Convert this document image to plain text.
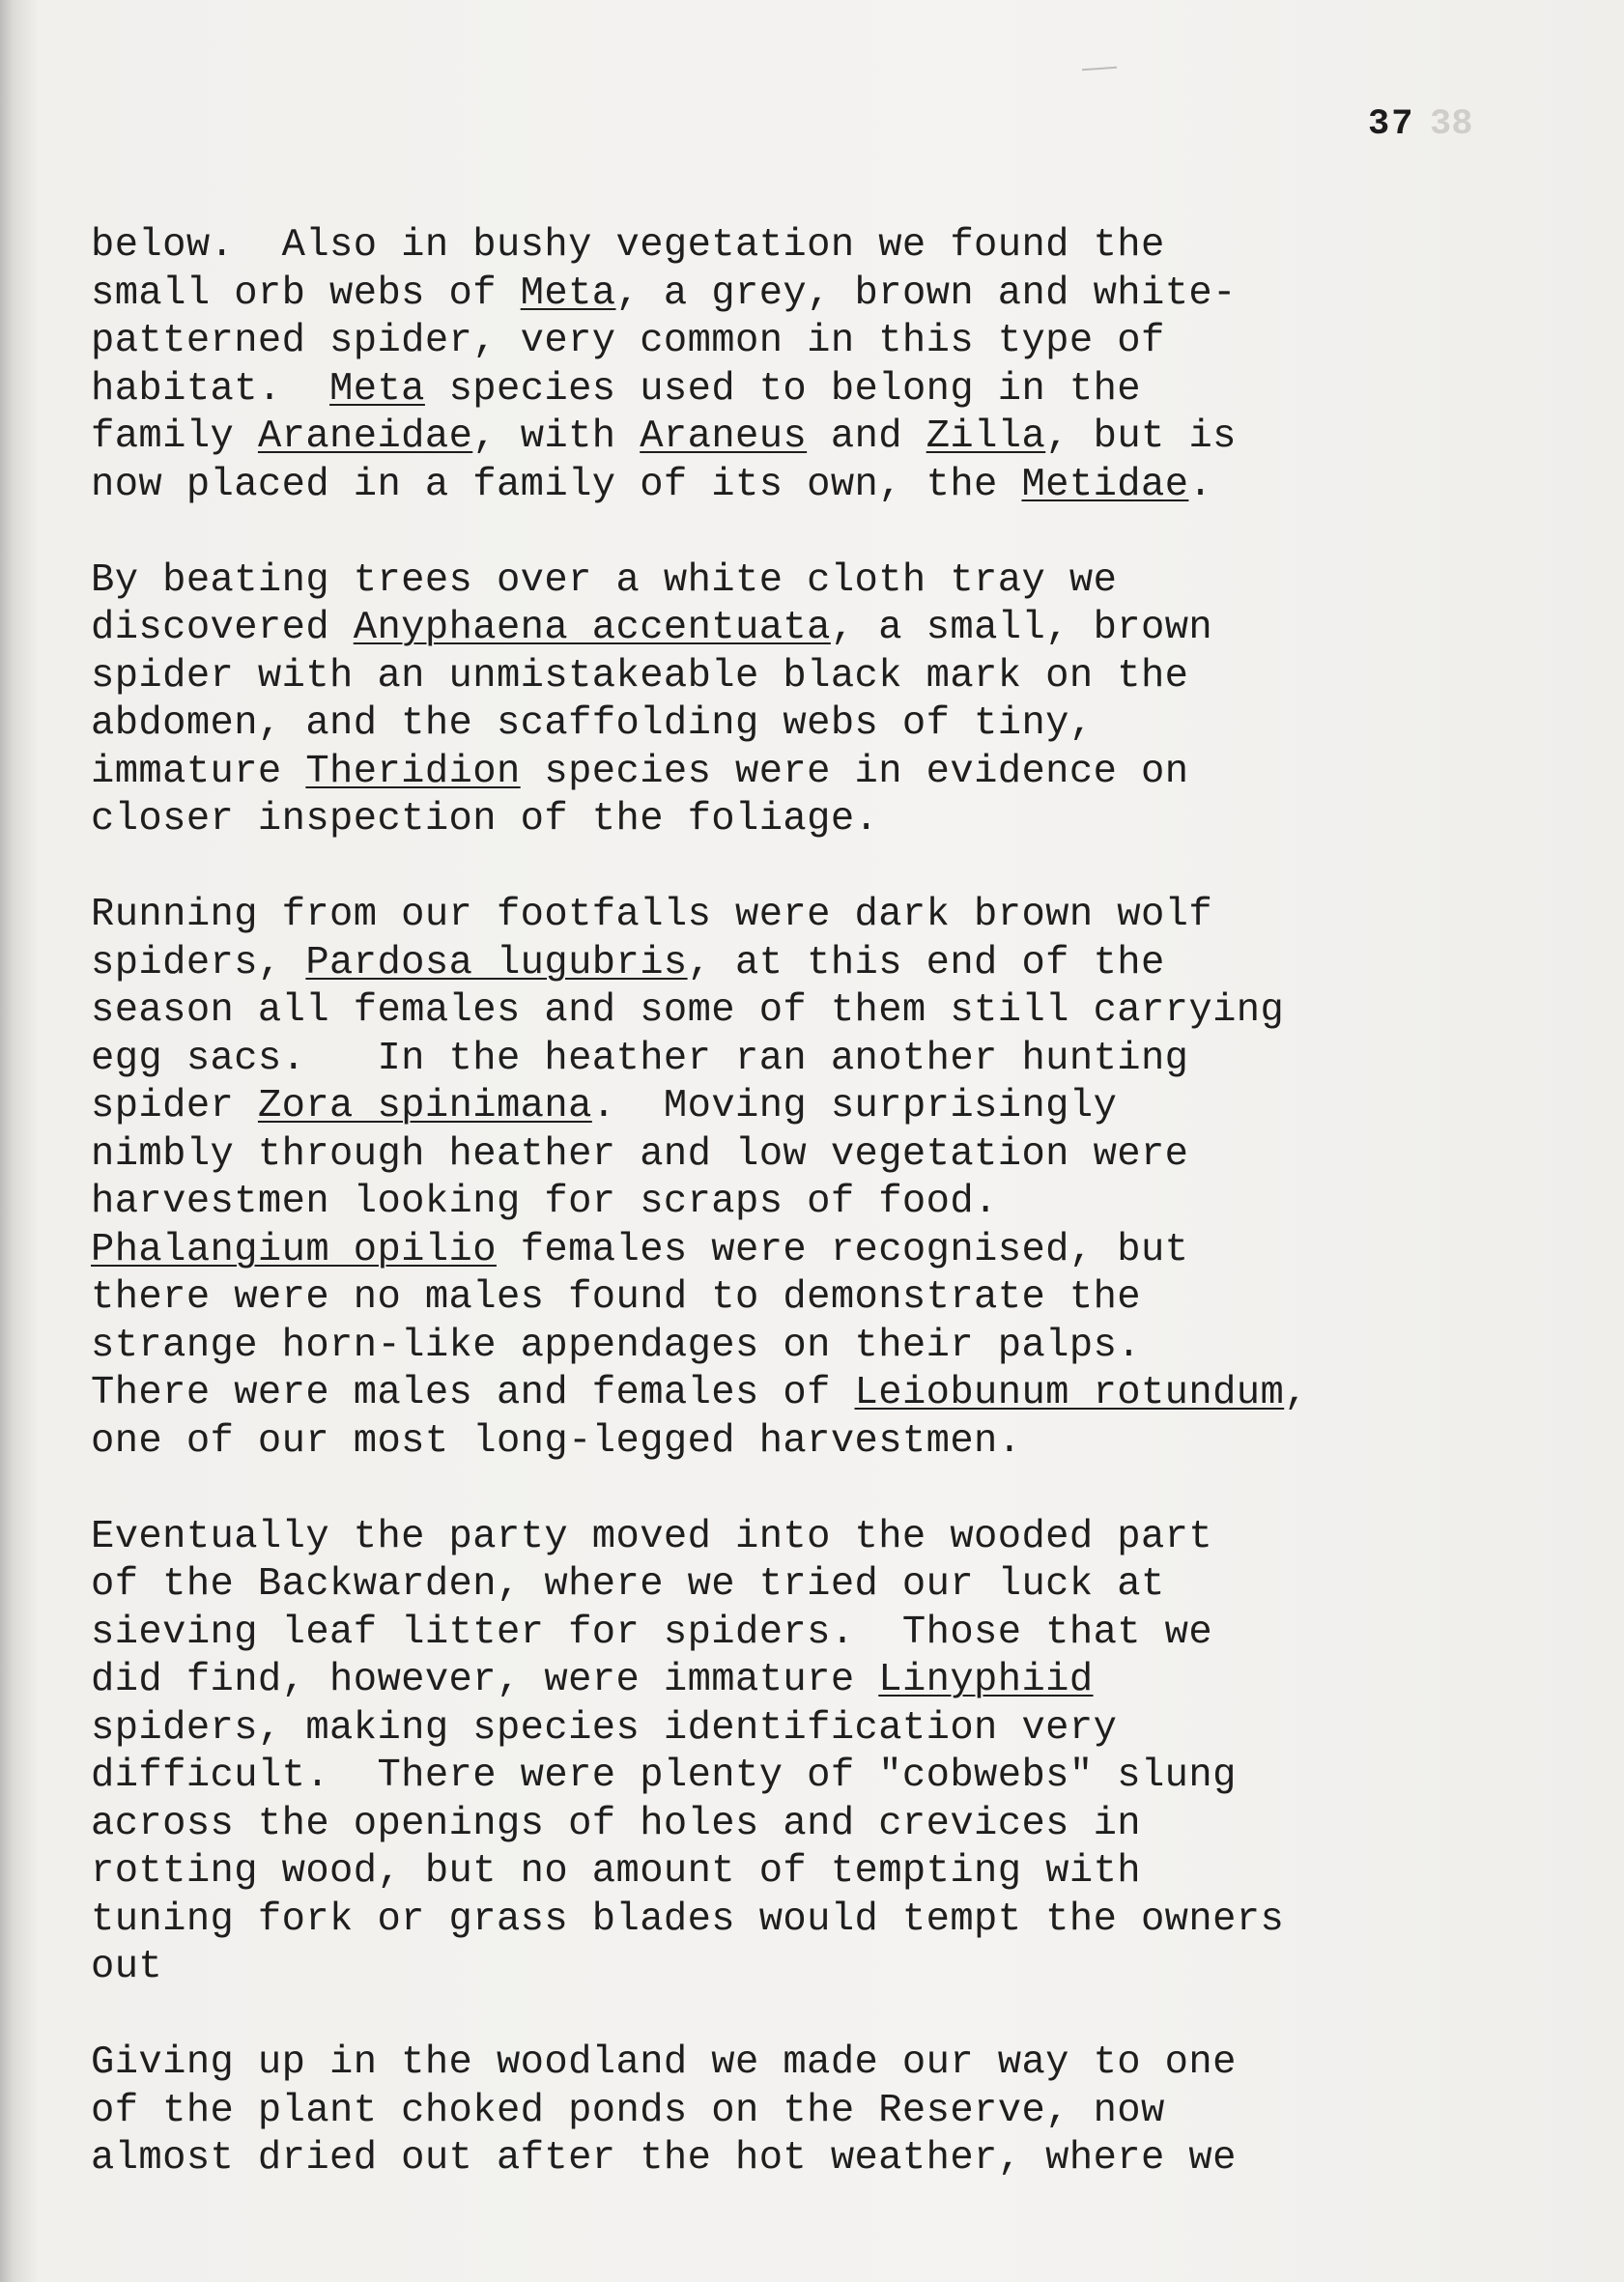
37 38
below.  Also in bushy vegetation we found the
small orb webs of Meta, a grey, brown and white-
patterned spider, very common in this type of
habitat.  Meta species used to belong in the
family Araneidae, with Araneus and Zilla, but is
now placed in a family of its own, the Metidae.
By beating trees over a white cloth tray we
discovered Anyphaena accentuata, a small, brown
spider with an unmistakeable black mark on the
abdomen, and the scaffolding webs of tiny,
immature Theridion species were in evidence on
closer inspection of the foliage.
Running from our footfalls were dark brown wolf
spiders, Pardosa lugubris, at this end of the
season all females and some of them still carrying
egg sacs.   In the heather ran another hunting
spider Zora spinimana.  Moving surprisingly
nimbly through heather and low vegetation were
harvestmen looking for scraps of food.
Phalangium opilio females were recognised, but
there were no males found to demonstrate the
strange horn-like appendages on their palps.
There were males and females of Leiobunum rotundum,
one of our most long-legged harvestmen.
Eventually the party moved into the wooded part
of the Backwarden, where we tried our luck at
sieving leaf litter for spiders.  Those that we
did find, however, were immature Linyphiid
spiders, making species identification very
difficult.  There were plenty of "cobwebs" slung
across the openings of holes and crevices in
rotting wood, but no amount of tempting with
tuning fork or grass blades would tempt the owners
out
Giving up in the woodland we made our way to one
of the plant choked ponds on the Reserve, now
almost dried out after the hot weather, where we
